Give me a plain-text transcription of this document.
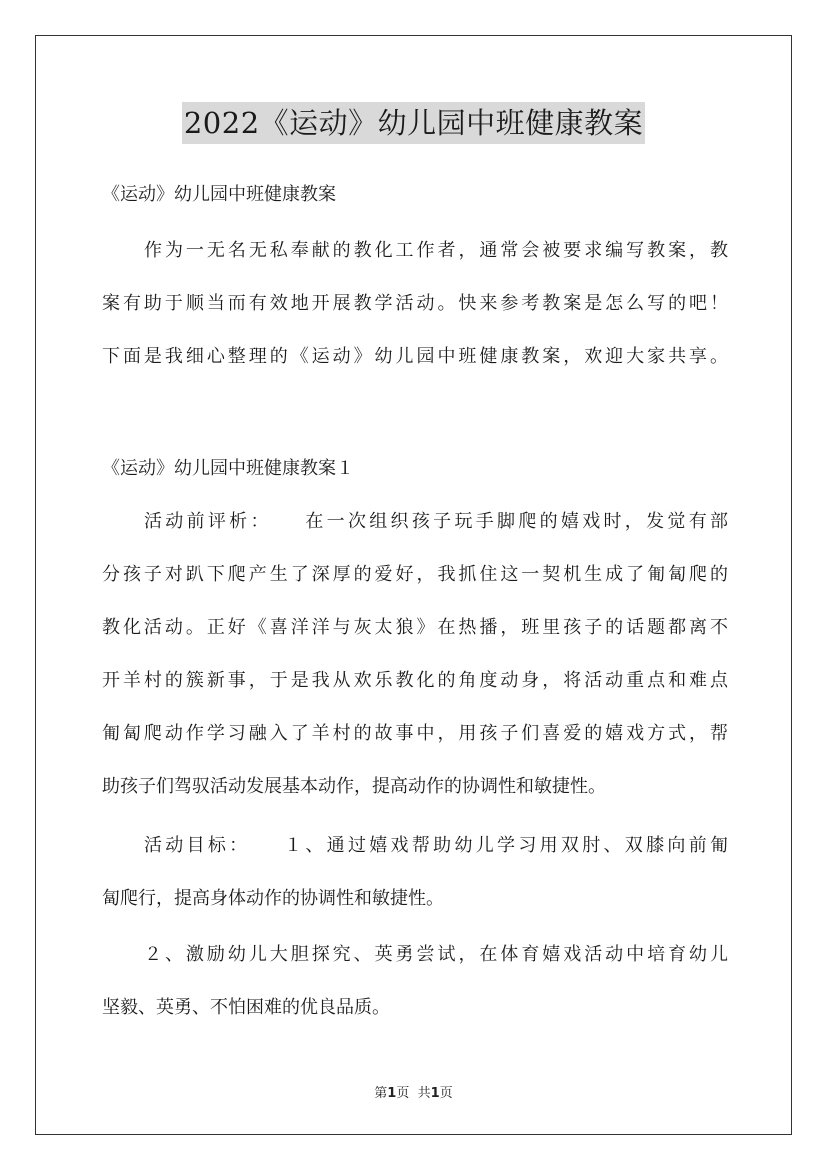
2022《运动》幼儿园中班健康教案

《运动》幼儿园中班健康教案

作为一无名无私奉献的教化工作者，通常会被要求编写教案，教

案有助于顺当而有效地开展教学活动。快来参考教案是怎么写的吧！

下面是我细心整理的《运动》幼儿园中班健康教案，欢迎大家共享。

《运动》幼儿园中班健康教案１

活动前评析：　　在一次组织孩子玩手脚爬的嬉戏时，发觉有部

分孩子对趴下爬产生了深厚的爱好，我抓住这一契机生成了匍匐爬的

教化活动。正好《喜洋洋与灰太狼》在热播，班里孩子的话题都离不

开羊村的簇新事，于是我从欢乐教化的角度动身，将活动重点和难点

匍匐爬动作学习融入了羊村的故事中，用孩子们喜爱的嬉戏方式，帮

助孩子们驾驭活动发展基本动作，提高动作的协调性和敏捷性。

活动目标：　　１、通过嬉戏帮助幼儿学习用双肘、双膝向前匍

匐爬行，提高身体动作的协调性和敏捷性。

２、激励幼儿大胆探究、英勇尝试，在体育嬉戏活动中培育幼儿

坚毅、英勇、不怕困难的优良品质。

第1页 共1页
